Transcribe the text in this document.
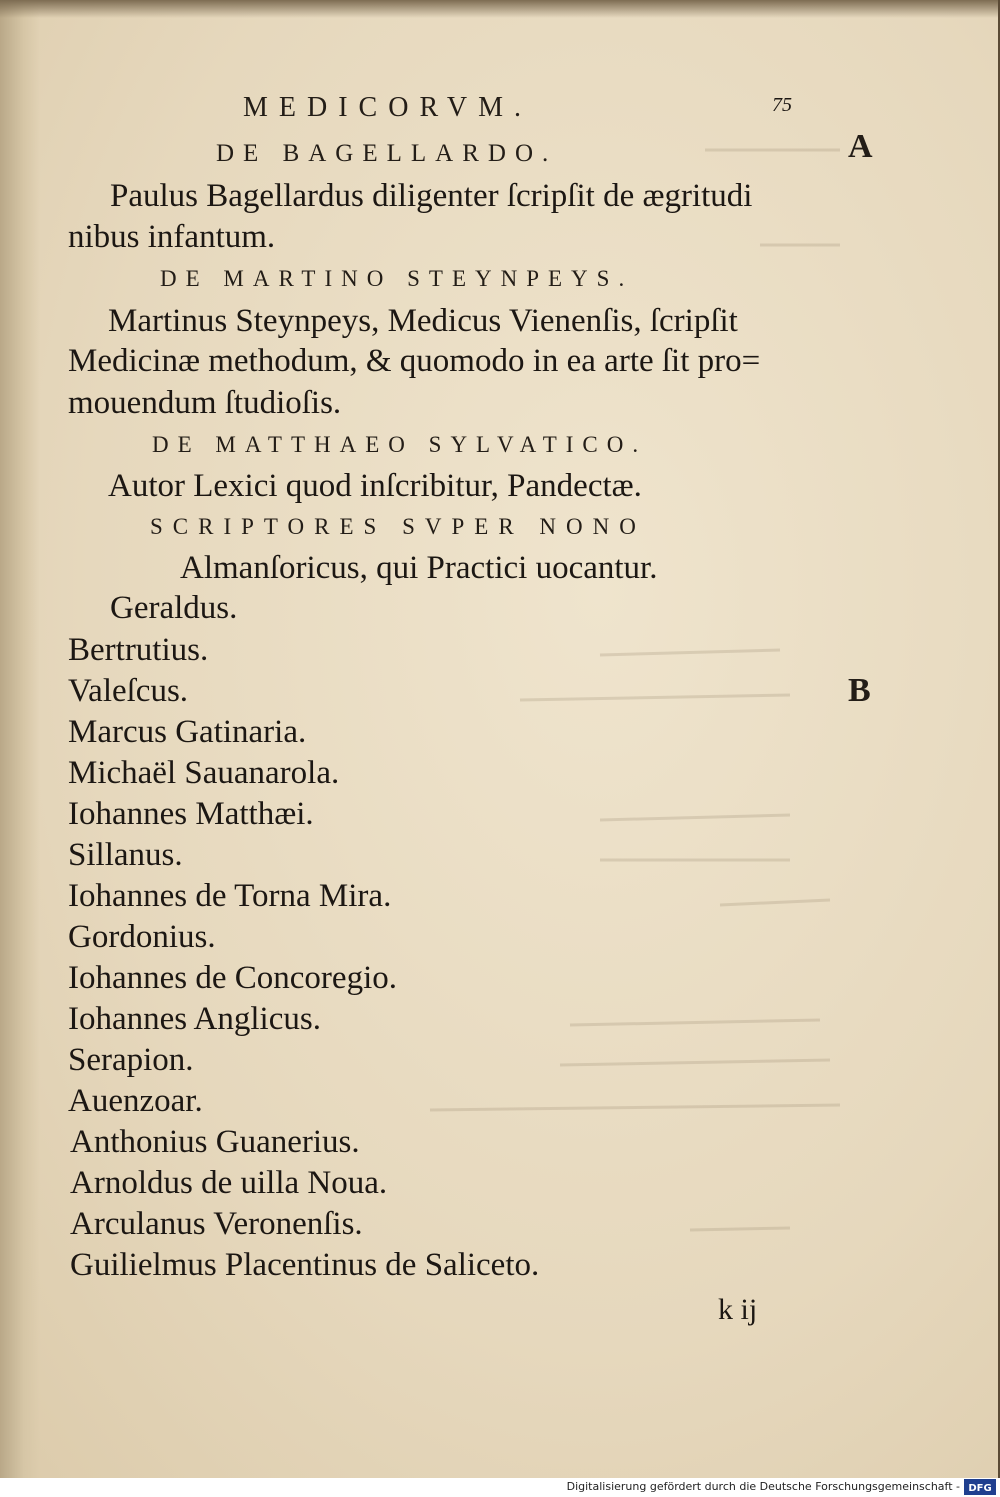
MEDICORVM.	75
A
B
DE BAGELLARDO.
Paulus Bagellardus diligenter ſcripſit de ægritudi
nibus infantum.
DE MARTINO STEYNPEYS.
Martinus Steynpeys, Medicus Vienenſis, ſcripſit
Medicinæ methodum, & quomodo in ea arte ſit pro=
mouendum ſtudioſis.
DE MATTHAEO SYLVATICO.
Autor Lexici quod inſcribitur, Pandectæ.
SCRIPTORES SVPER NONO
Almanſoricus, qui Practici uocantur.
Geraldus.
Bertrutius.
Valeſcus.
Marcus Gatinaria.
Michaël Sauanarola.
Iohannes Matthæi.
Sillanus.
Iohannes de Torna Mira.
Gordonius.
Iohannes de Concoregio.
Iohannes Anglicus.
Serapion.
Auenzoar.
Anthonius Guanerius.
Arnoldus de uilla Noua.
Arculanus Veronenſis.
Guilielmus Placentinus de Saliceto.
k ij
Digitalisierung gefördert durch die Deutsche Forschungsgemeinschaft - DFG
